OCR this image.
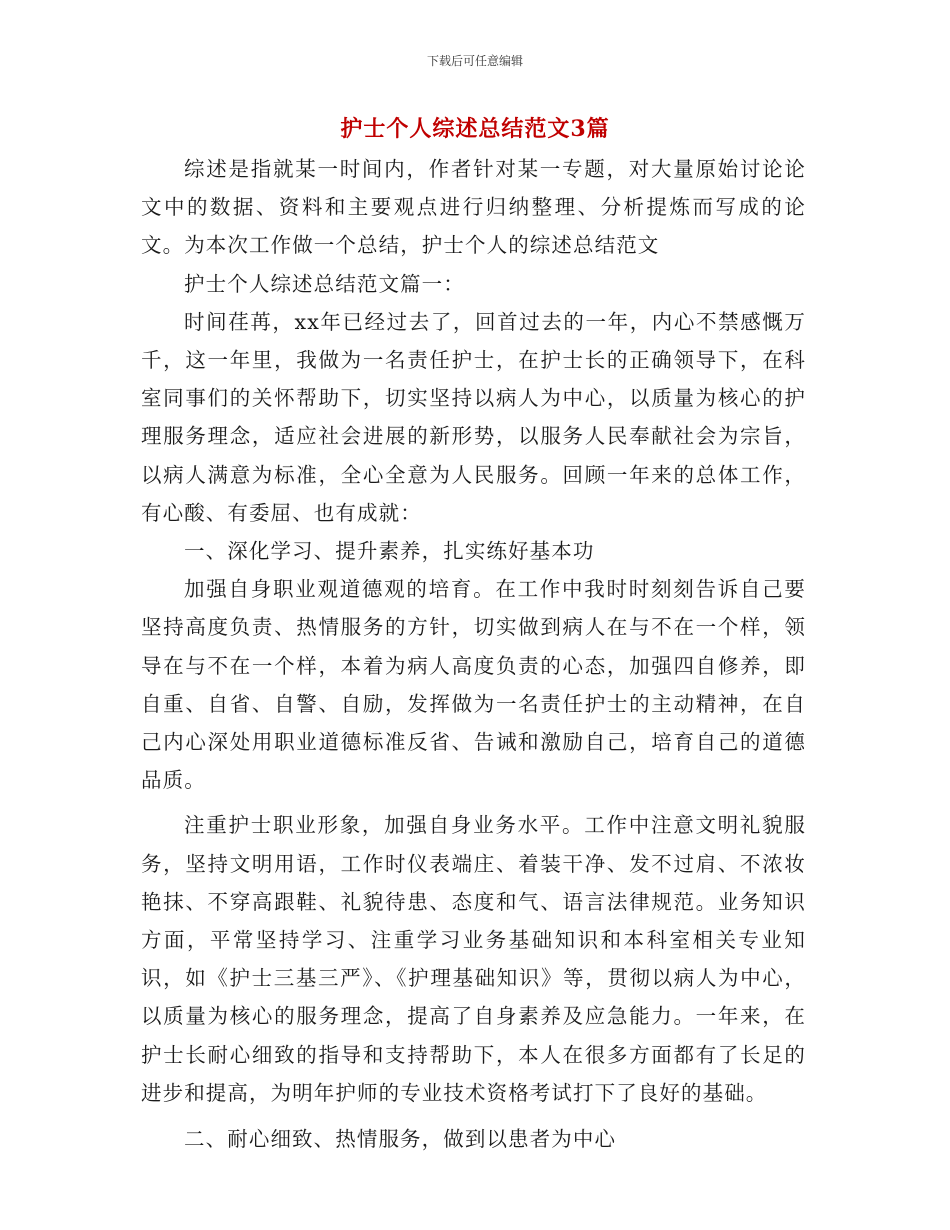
下载后可任意编辑
护士个人综述总结范文3篇

综述是指就某一时间内，作者针对某一专题，对大量原始讨论论文中的数据、资料和主要观点进行归纳整理、分析提炼而写成的论文。为本次工作做一个总结，护士个人的综述总结范文

护士个人综述总结范文篇一：

时间荏苒，xx年已经过去了，回首过去的一年，内心不禁感慨万千，这一年里，我做为一名责任护士，在护士长的正确领导下，在科室同事们的关怀帮助下，切实坚持以病人为中心，以质量为核心的护理服务理念，适应社会进展的新形势，以服务人民奉献社会为宗旨，以病人满意为标准，全心全意为人民服务。回顾一年来的总体工作，有心酸、有委屈、也有成就：

一、深化学习、提升素养，扎实练好基本功

加强自身职业观道德观的培育。在工作中我时时刻刻告诉自己要坚持高度负责、热情服务的方针，切实做到病人在与不在一个样，领导在与不在一个样，本着为病人高度负责的心态，加强四自修养，即自重、自省、自警、自励，发挥做为一名责任护士的主动精神，在自己内心深处用职业道德标准反省、告诫和激励自己，培育自己的道德品质。

注重护士职业形象，加强自身业务水平。工作中注意文明礼貌服务，坚持文明用语，工作时仪表端庄、着装干净、发不过肩、不浓妆艳抹、不穿高跟鞋、礼貌待患、态度和气、语言法律规范。业务知识方面，平常坚持学习、注重学习业务基础知识和本科室相关专业知识，如《护士三基三严》、《护理基础知识》等，贯彻以病人为中心，以质量为核心的服务理念，提高了自身素养及应急能力。一年来，在护士长耐心细致的指导和支持帮助下，本人在很多方面都有了长足的进步和提高，为明年护师的专业技术资格考试打下了良好的基础。

二、耐心细致、热情服务，做到以患者为中心
